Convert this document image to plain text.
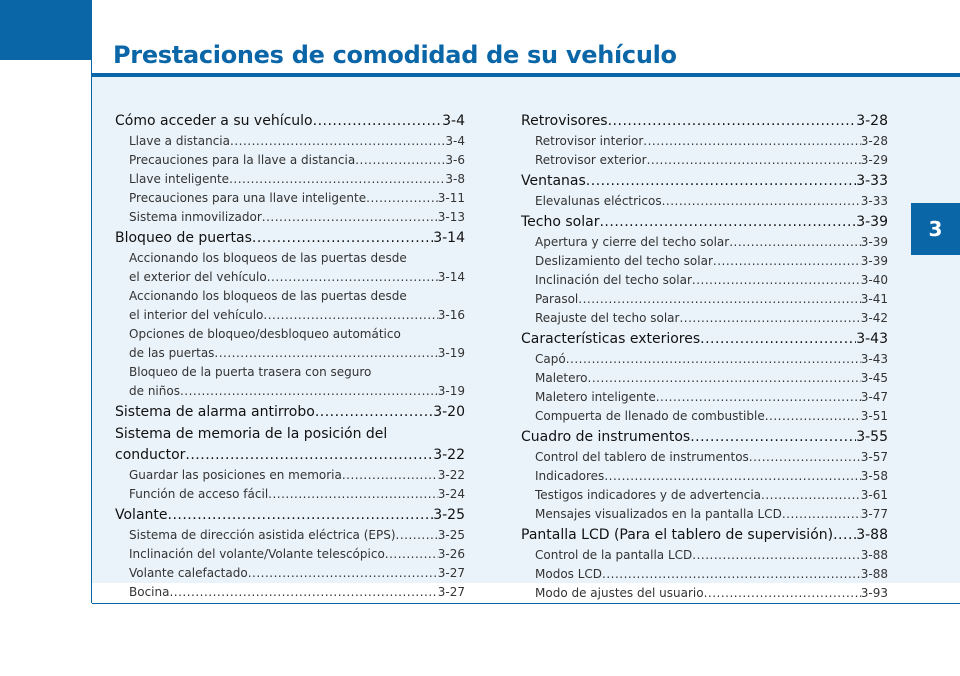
Prestaciones de comodidad de su vehículo
3
Cómo acceder a su vehículo .....	3-4
Llave a distancia .....	3-4
Precauciones para la llave a distancia .....	3-6
Llave inteligente .....	3-8
Precauciones para una llave inteligente .....	3-11
Sistema inmovilizador .....	3-13
Bloqueo de puertas .....	3-14
Accionando los bloqueos de las puertas desde
el exterior del vehículo .....	3-14
Accionando los bloqueos de las puertas desde
el interior del vehículo .....	3-16
Opciones de bloqueo/desbloqueo automático
de las puertas .....	3-19
Bloqueo de la puerta trasera con seguro
de niños .....	3-19
Sistema de alarma antirrobo .....	3-20
Sistema de memoria de la posición del
conductor .....	3-22
Guardar las posiciones en memoria .....	3-22
Función de acceso fácil .....	3-24
Volante .....	3-25
Sistema de dirección asistida eléctrica (EPS) .....	3-25
Inclinación del volante/Volante telescópico .....	3-26
Volante calefactado .....	3-27
Bocina .....	3-27
Retrovisores .....	3-28
Retrovisor interior .....	3-28
Retrovisor exterior .....	3-29
Ventanas .....	3-33
Elevalunas eléctricos .....	3-33
Techo solar .....	3-39
Apertura y cierre del techo solar .....	3-39
Deslizamiento del techo solar .....	3-39
Inclinación del techo solar .....	3-40
Parasol .....	3-41
Reajuste del techo solar .....	3-42
Características exteriores .....	3-43
Capó .....	3-43
Maletero .....	3-45
Maletero inteligente .....	3-47
Compuerta de llenado de combustible .....	3-51
Cuadro de instrumentos .....	3-55
Control del tablero de instrumentos .....	3-57
Indicadores .....	3-58
Testigos indicadores y de advertencia .....	3-61
Mensajes visualizados en la pantalla LCD .....	3-77
Pantalla LCD (Para el tablero de supervisión) ..... 3-88
Control de la pantalla LCD .....	3-88
Modos LCD .....	3-88
Modo de ajustes del usuario .....	3-93
